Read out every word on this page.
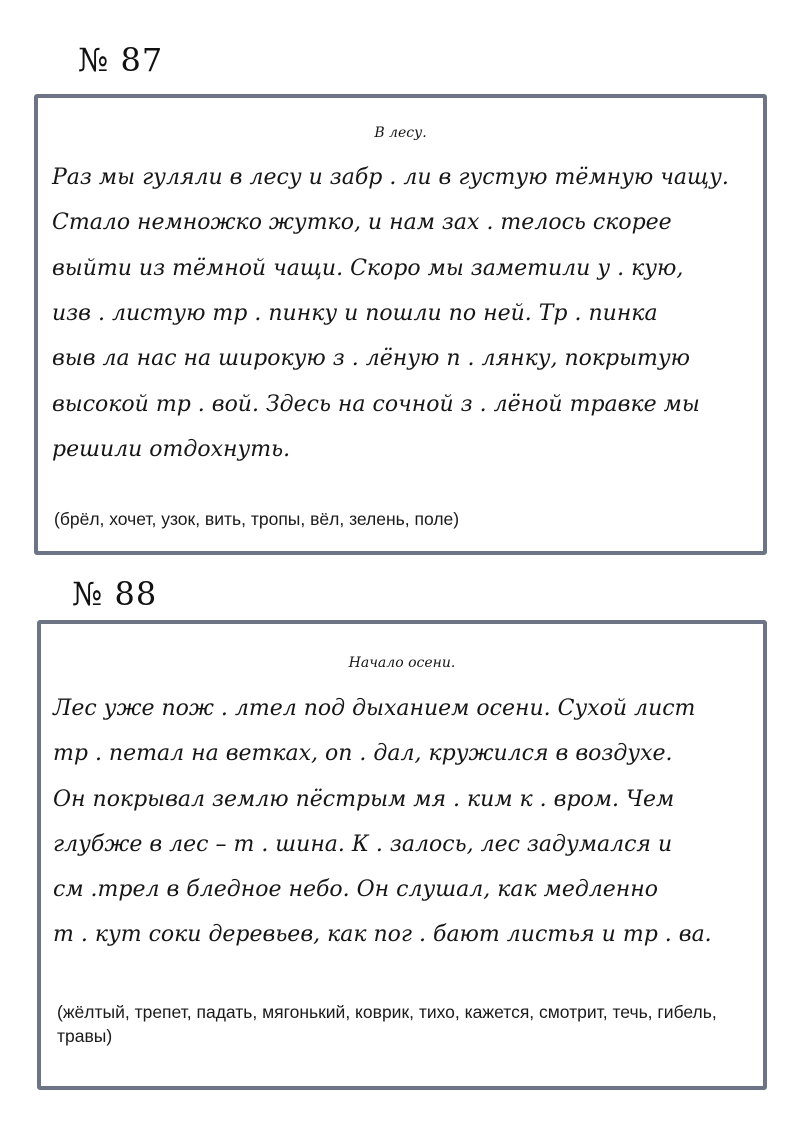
№ 87
В лесу.
Раз мы гуляли в лесу и забр . ли в густую тёмную чащу.
Стало немножко жутко, и нам зах . телось скорее
выйти из тёмной чащи. Скоро мы заметили у . кую,
изв . листую тр . пинку и пошли по ней. Тр . пинка
выв ла нас на широкую з . лёную п . лянку, покрытую
высокой тр . вой. Здесь на сочной з . лёной травке мы
решили отдохнуть.
(брёл, хочет, узок, вить, тропы, вёл, зелень, поле)
№ 88
Начало осени.
Лес уже пож . лтел под дыханием осени. Сухой лист
тр . петал на ветках, оп . дал, кружился в воздухе.
Он покрывал землю пёстрым мя . ким к . вром. Чем
глубже в лес – т . шина. К . залось, лес задумался и
см .трел в бледное небо. Он слушал, как медленно
т . кут соки деревьев, как пог . бают листья и тр . ва.
(жёлтый, трепет, падать, мягонький, коврик, тихо, кажется, смотрит, течь, гибель, травы)
